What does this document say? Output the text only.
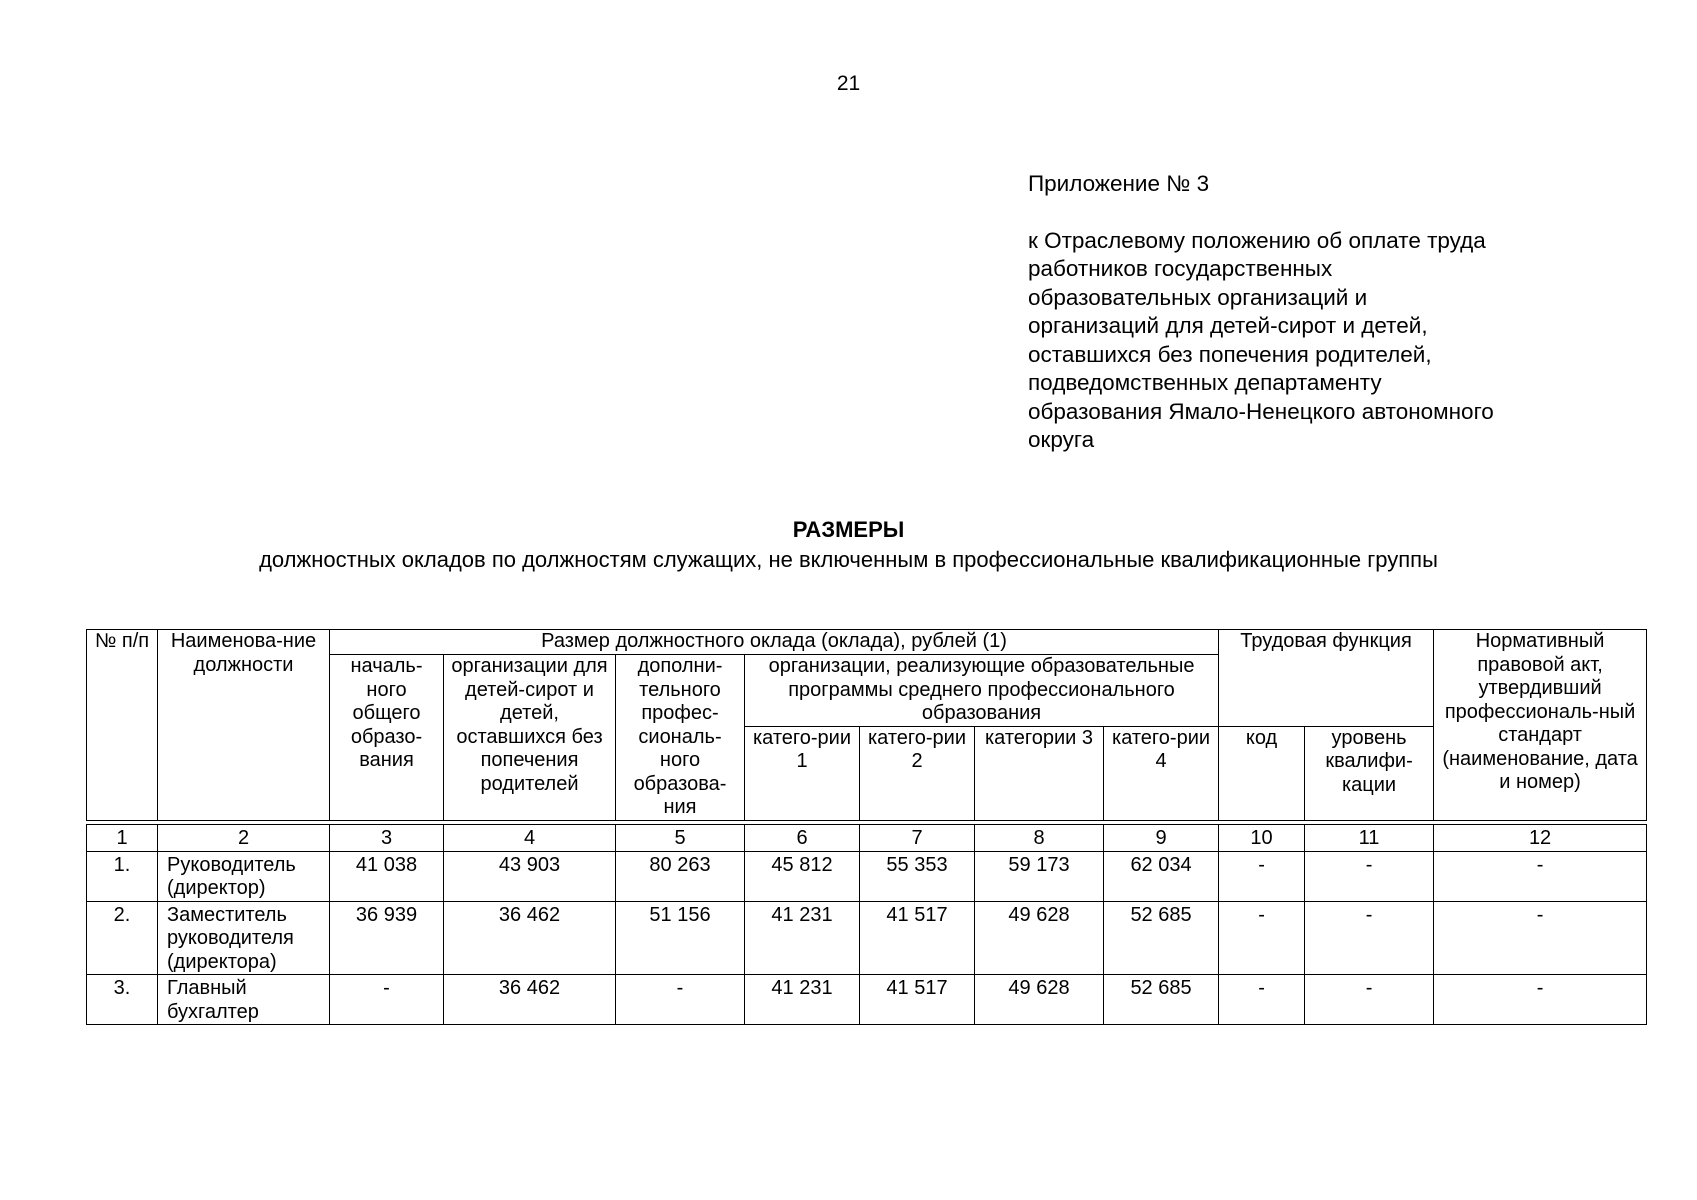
21
Приложение № 3
к Отраслевому положению об оплате труда
работников государственных
образовательных организаций и
организаций для детей-сирот и детей,
оставшихся без попечения родителей,
подведомственных департаменту
образования Ямало-Ненецкого автономного
округа
РАЗМЕРЫ
должностных окладов по должностям служащих, не включенным в профессиональные квалификационные группы
№ п/п	Наименова-ние должности	Размер должностного оклада (оклада), рублей (1)							Трудовая функция		Нормативный правовой акт, утвердивший профессиональ-ный стандарт (наименование, дата и номер)
		началь-ного общего образо-вания	организации для детей-сирот и детей, оставшихся без попечения родителей	дополни-тельного профес-сиональ-ного образова-ния	организации, реализующие образовательные программы среднего профессионального образования						
					катего-рии 1	катего-рии 2	категории 3	катего-рии 4	код	уровень квалифи-кации	

1	2	3	4	5	6	7	8	9	10	11	12
1.	Руководитель (директор)	41 038	43 903	80 263	45 812	55 353	59 173	62 034	-	-	-
2.	Заместитель руководителя (директора)	36 939	36 462	51 156	41 231	41 517	49 628	52 685	-	-	-
3.	Главный бухгалтер	-	36 462	-	41 231	41 517	49 628	52 685	-	-	-
